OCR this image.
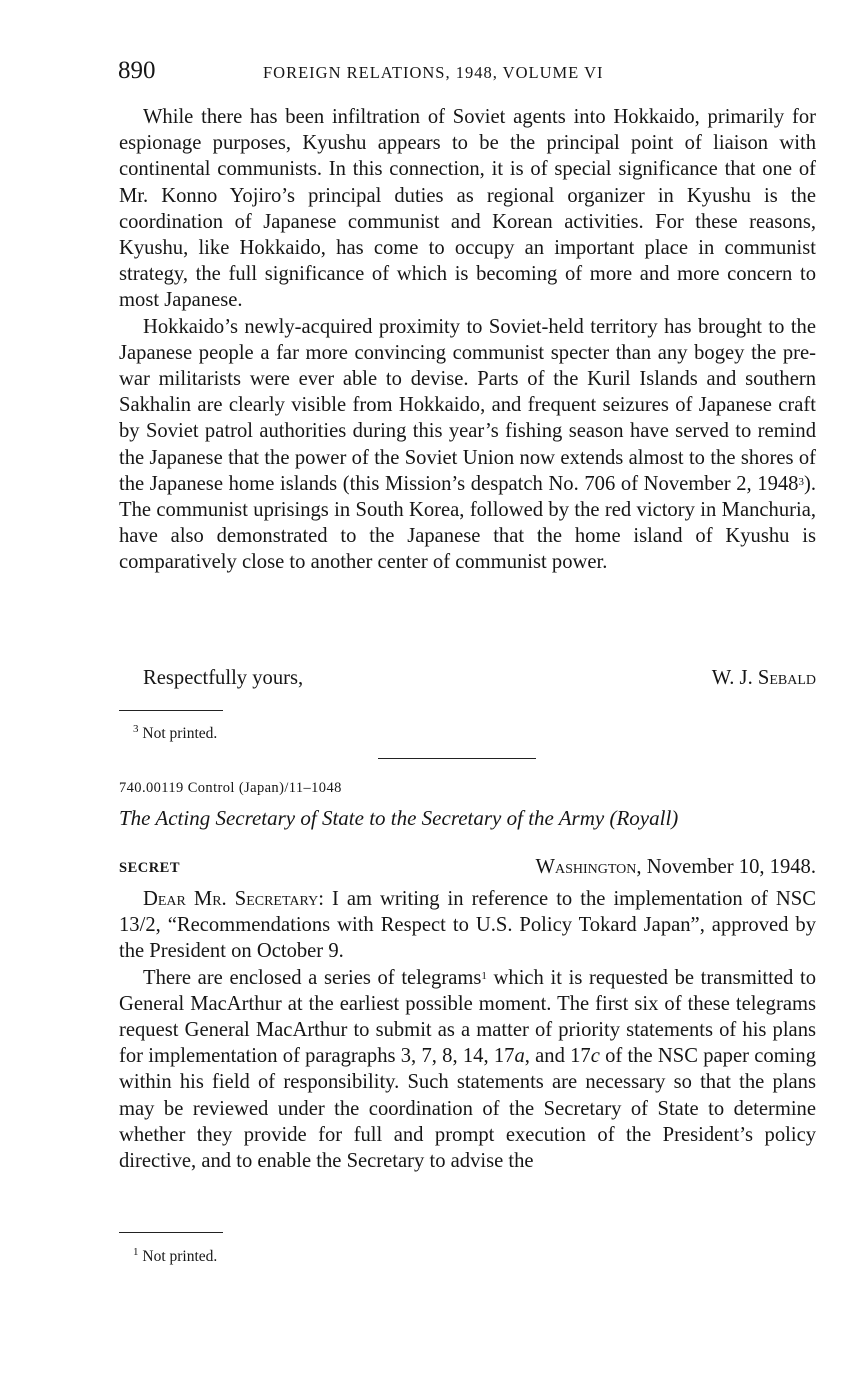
890	FOREIGN RELATIONS, 1948, VOLUME VI

While there has been infiltration of Soviet agents into Hokkaido, primarily for espionage purposes, Kyushu appears to be the principal point of liaison with continental communists. In this connection, it is of special significance that one of Mr. Konno Yojiro’s principal duties as regional organizer in Kyushu is the coordination of Japanese communist and Korean activities. For these reasons, Kyushu, like Hokkaido, has come to occupy an important place in communist strategy, the full significance of which is becoming of more and more concern to most Japanese.

Hokkaido’s newly-acquired proximity to Soviet-held territory has brought to the Japanese people a far more convincing communist specter than any bogey the pre-war militarists were ever able to devise. Parts of the Kuril Islands and southern Sakhalin are clearly visible from Hokkaido, and frequent seizures of Japanese craft by Soviet patrol authorities during this year’s fishing season have served to remind the Japanese that the power of the Soviet Union now extends almost to the shores of the Japanese home islands (this Mission’s despatch No. 706 of November 2, 1948$^3$). The communist uprisings in South Korea, followed by the red victory in Manchuria, have also demonstrated to the Japanese that the home island of Kyushu is comparatively close to another center of communist power.

Respectfully yours,	W. J. Sebald
$^3$ Not printed.
740.00119 Control (Japan)/11–1048
The Acting Secretary of State to the Secretary of the Army (Royall)
SECRET	Washington, November 10, 1948.

Dear Mr. Secretary: I am writing in reference to the implementation of NSC 13/2, “Recommendations with Respect to U.S. Policy Tokard Japan”, approved by the President on October 9.

There are enclosed a series of telegrams$^1$ which it is requested be transmitted to General MacArthur at the earliest possible moment. The first six of these telegrams request General MacArthur to submit as a matter of priority statements of his plans for implementation of paragraphs 3, 7, 8, 14, 17a, and 17c of the NSC paper coming within his field of responsibility. Such statements are necessary so that the plans may be reviewed under the coordination of the Secretary of State to determine whether they provide for full and prompt execution of the President’s policy directive, and to enable the Secretary to advise the

$^1$ Not printed.
